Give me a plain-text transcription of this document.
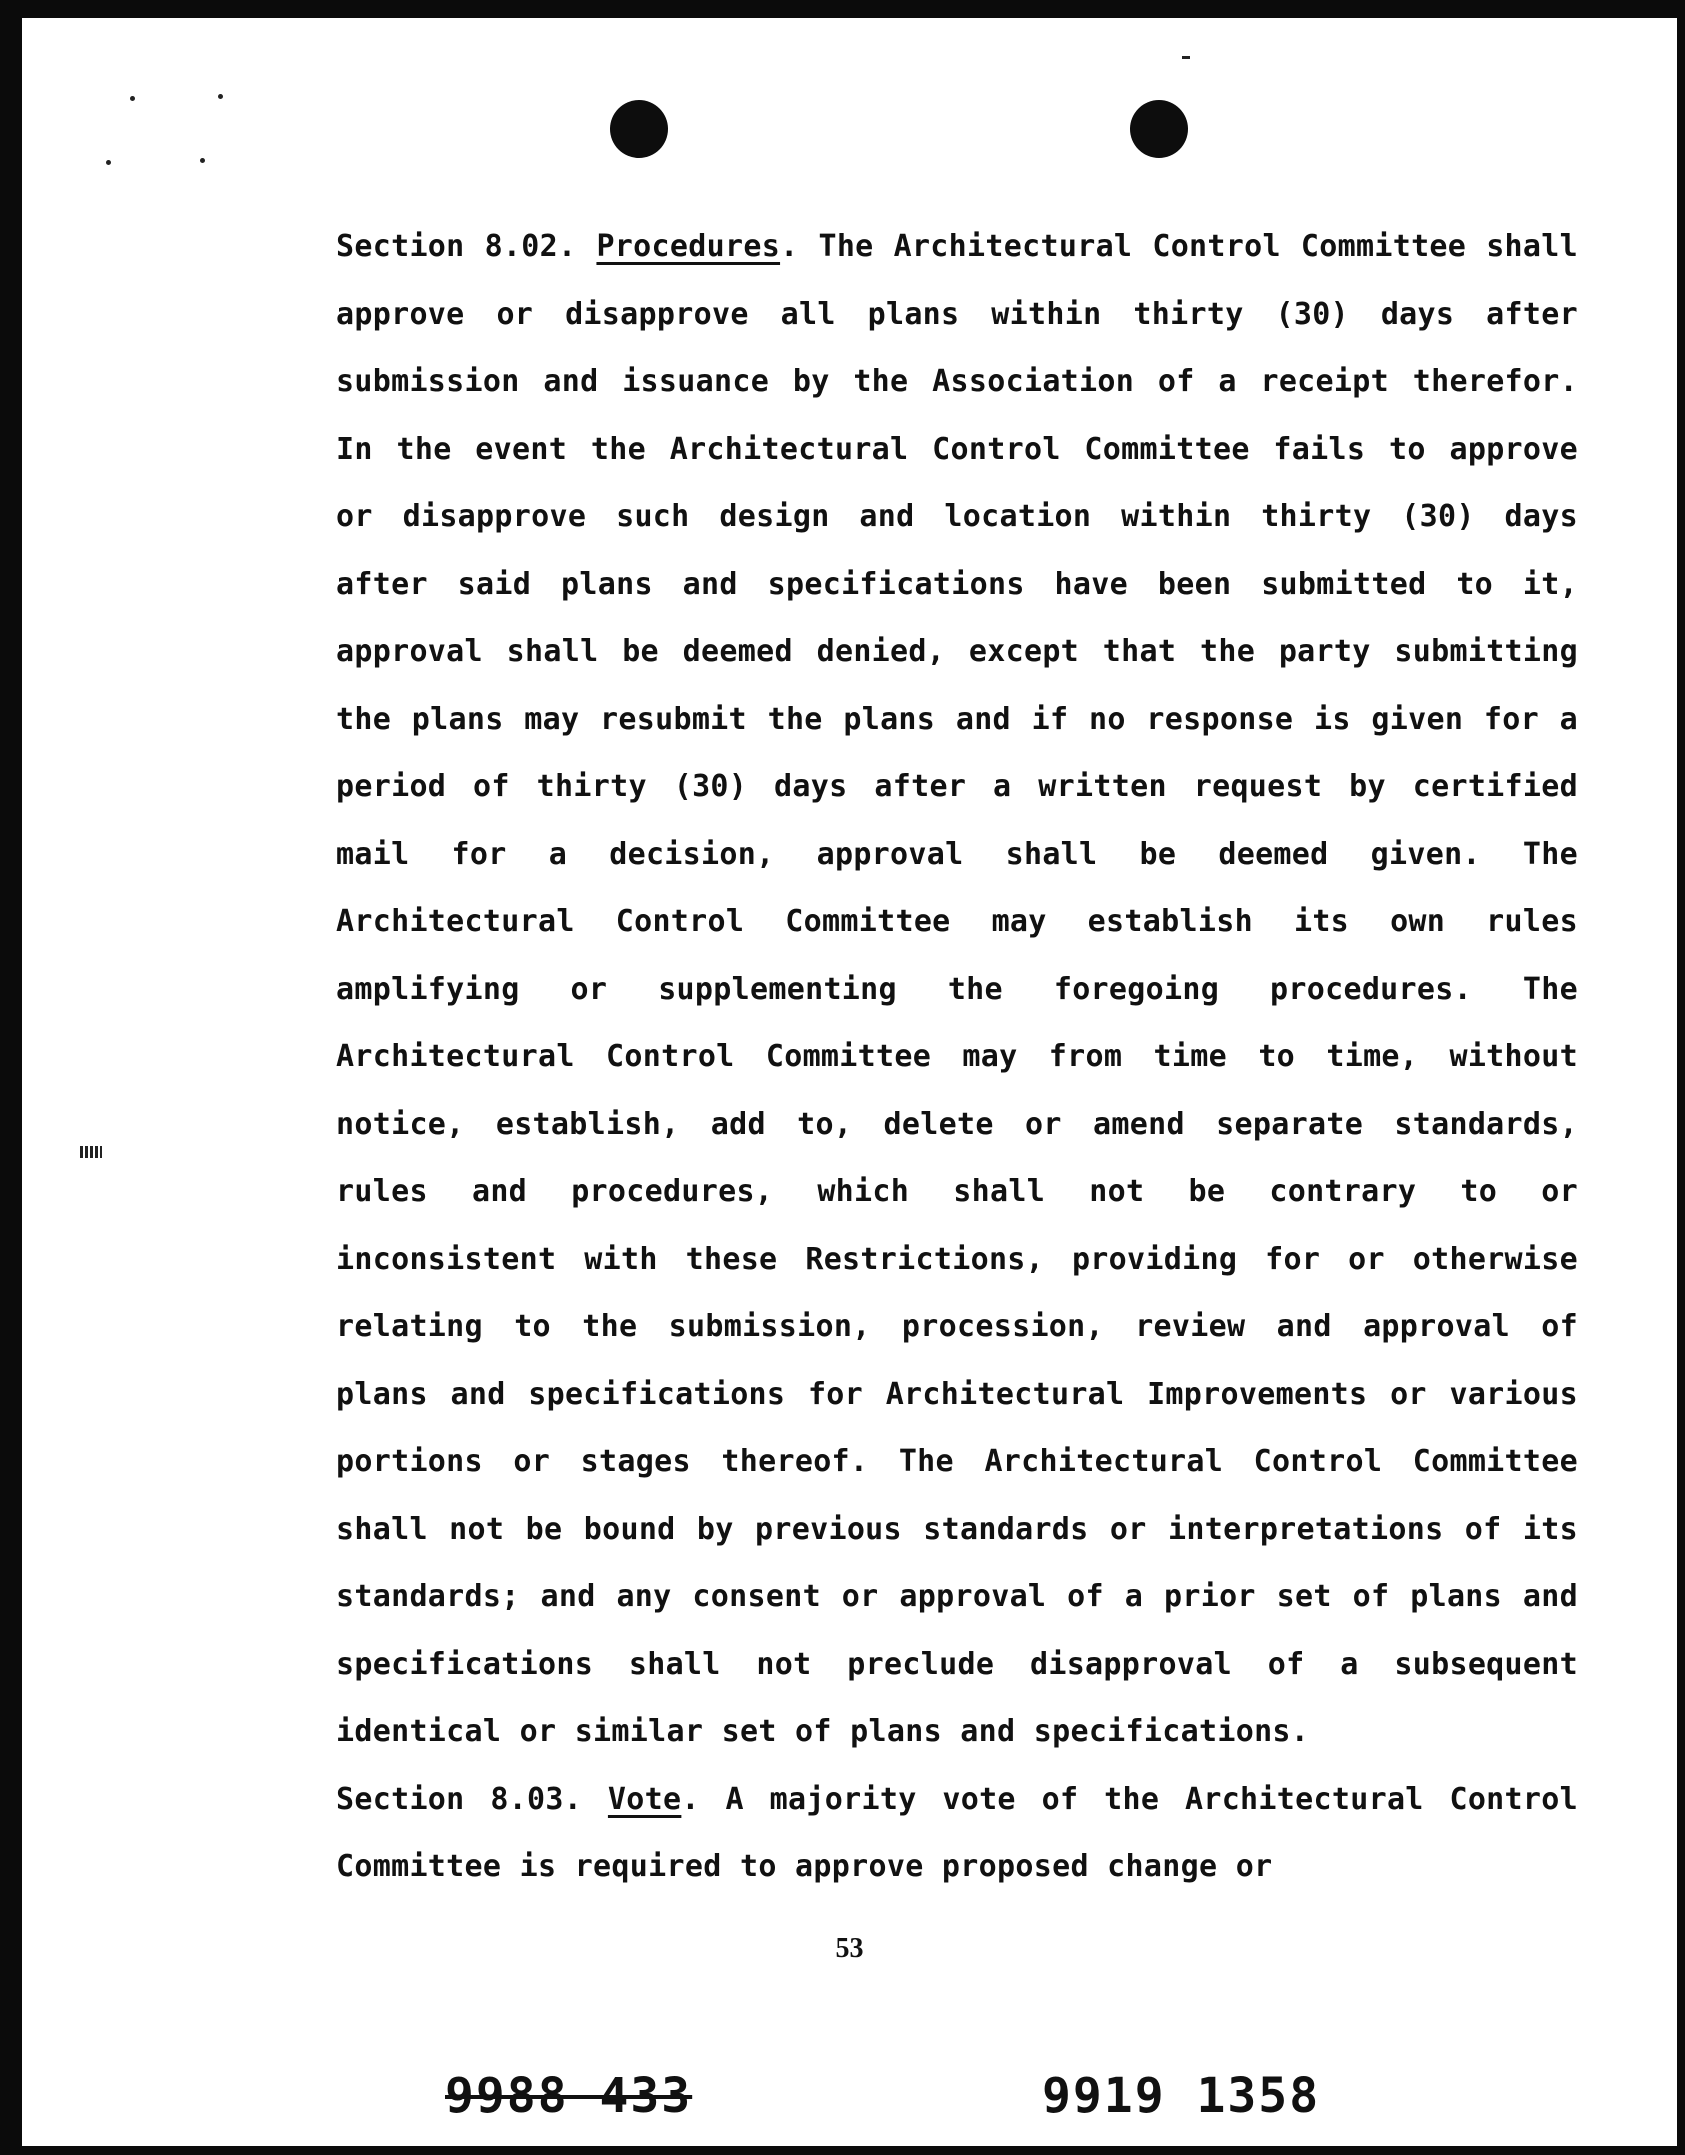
Section 8.02. Procedures. The Architectural Control Committee shall approve or disapprove all plans within thirty (30) days after submission and issuance by the Association of a receipt therefor. In the event the Architectural Control Committee fails to approve or disapprove such design and location within thirty (30) days after said plans and specifications have been submitted to it, approval shall be deemed denied, except that the party submitting the plans may resubmit the plans and if no response is given for a period of thirty (30) days after a written request by certified mail for a decision, approval shall be deemed given. The Architectural Control Committee may establish its own rules amplifying or supplementing the foregoing procedures. The Architectural Control Committee may from time to time, without notice, establish, add to, delete or amend separate standards, rules and procedures, which shall not be contrary to or inconsistent with these Restrictions, providing for or otherwise relating to the submission, procession, review and approval of plans and specifications for Architectural Improvements or various portions or stages thereof. The Architectural Control Committee shall not be bound by previous standards or interpretations of its standards; and any consent or approval of a prior set of plans and specifications shall not preclude disapproval of a subsequent identical or similar set of plans and specifications.

Section 8.03. Vote. A majority vote of the Architectural Control Committee is required to approve proposed change or

53
9988 433	9919 1358
